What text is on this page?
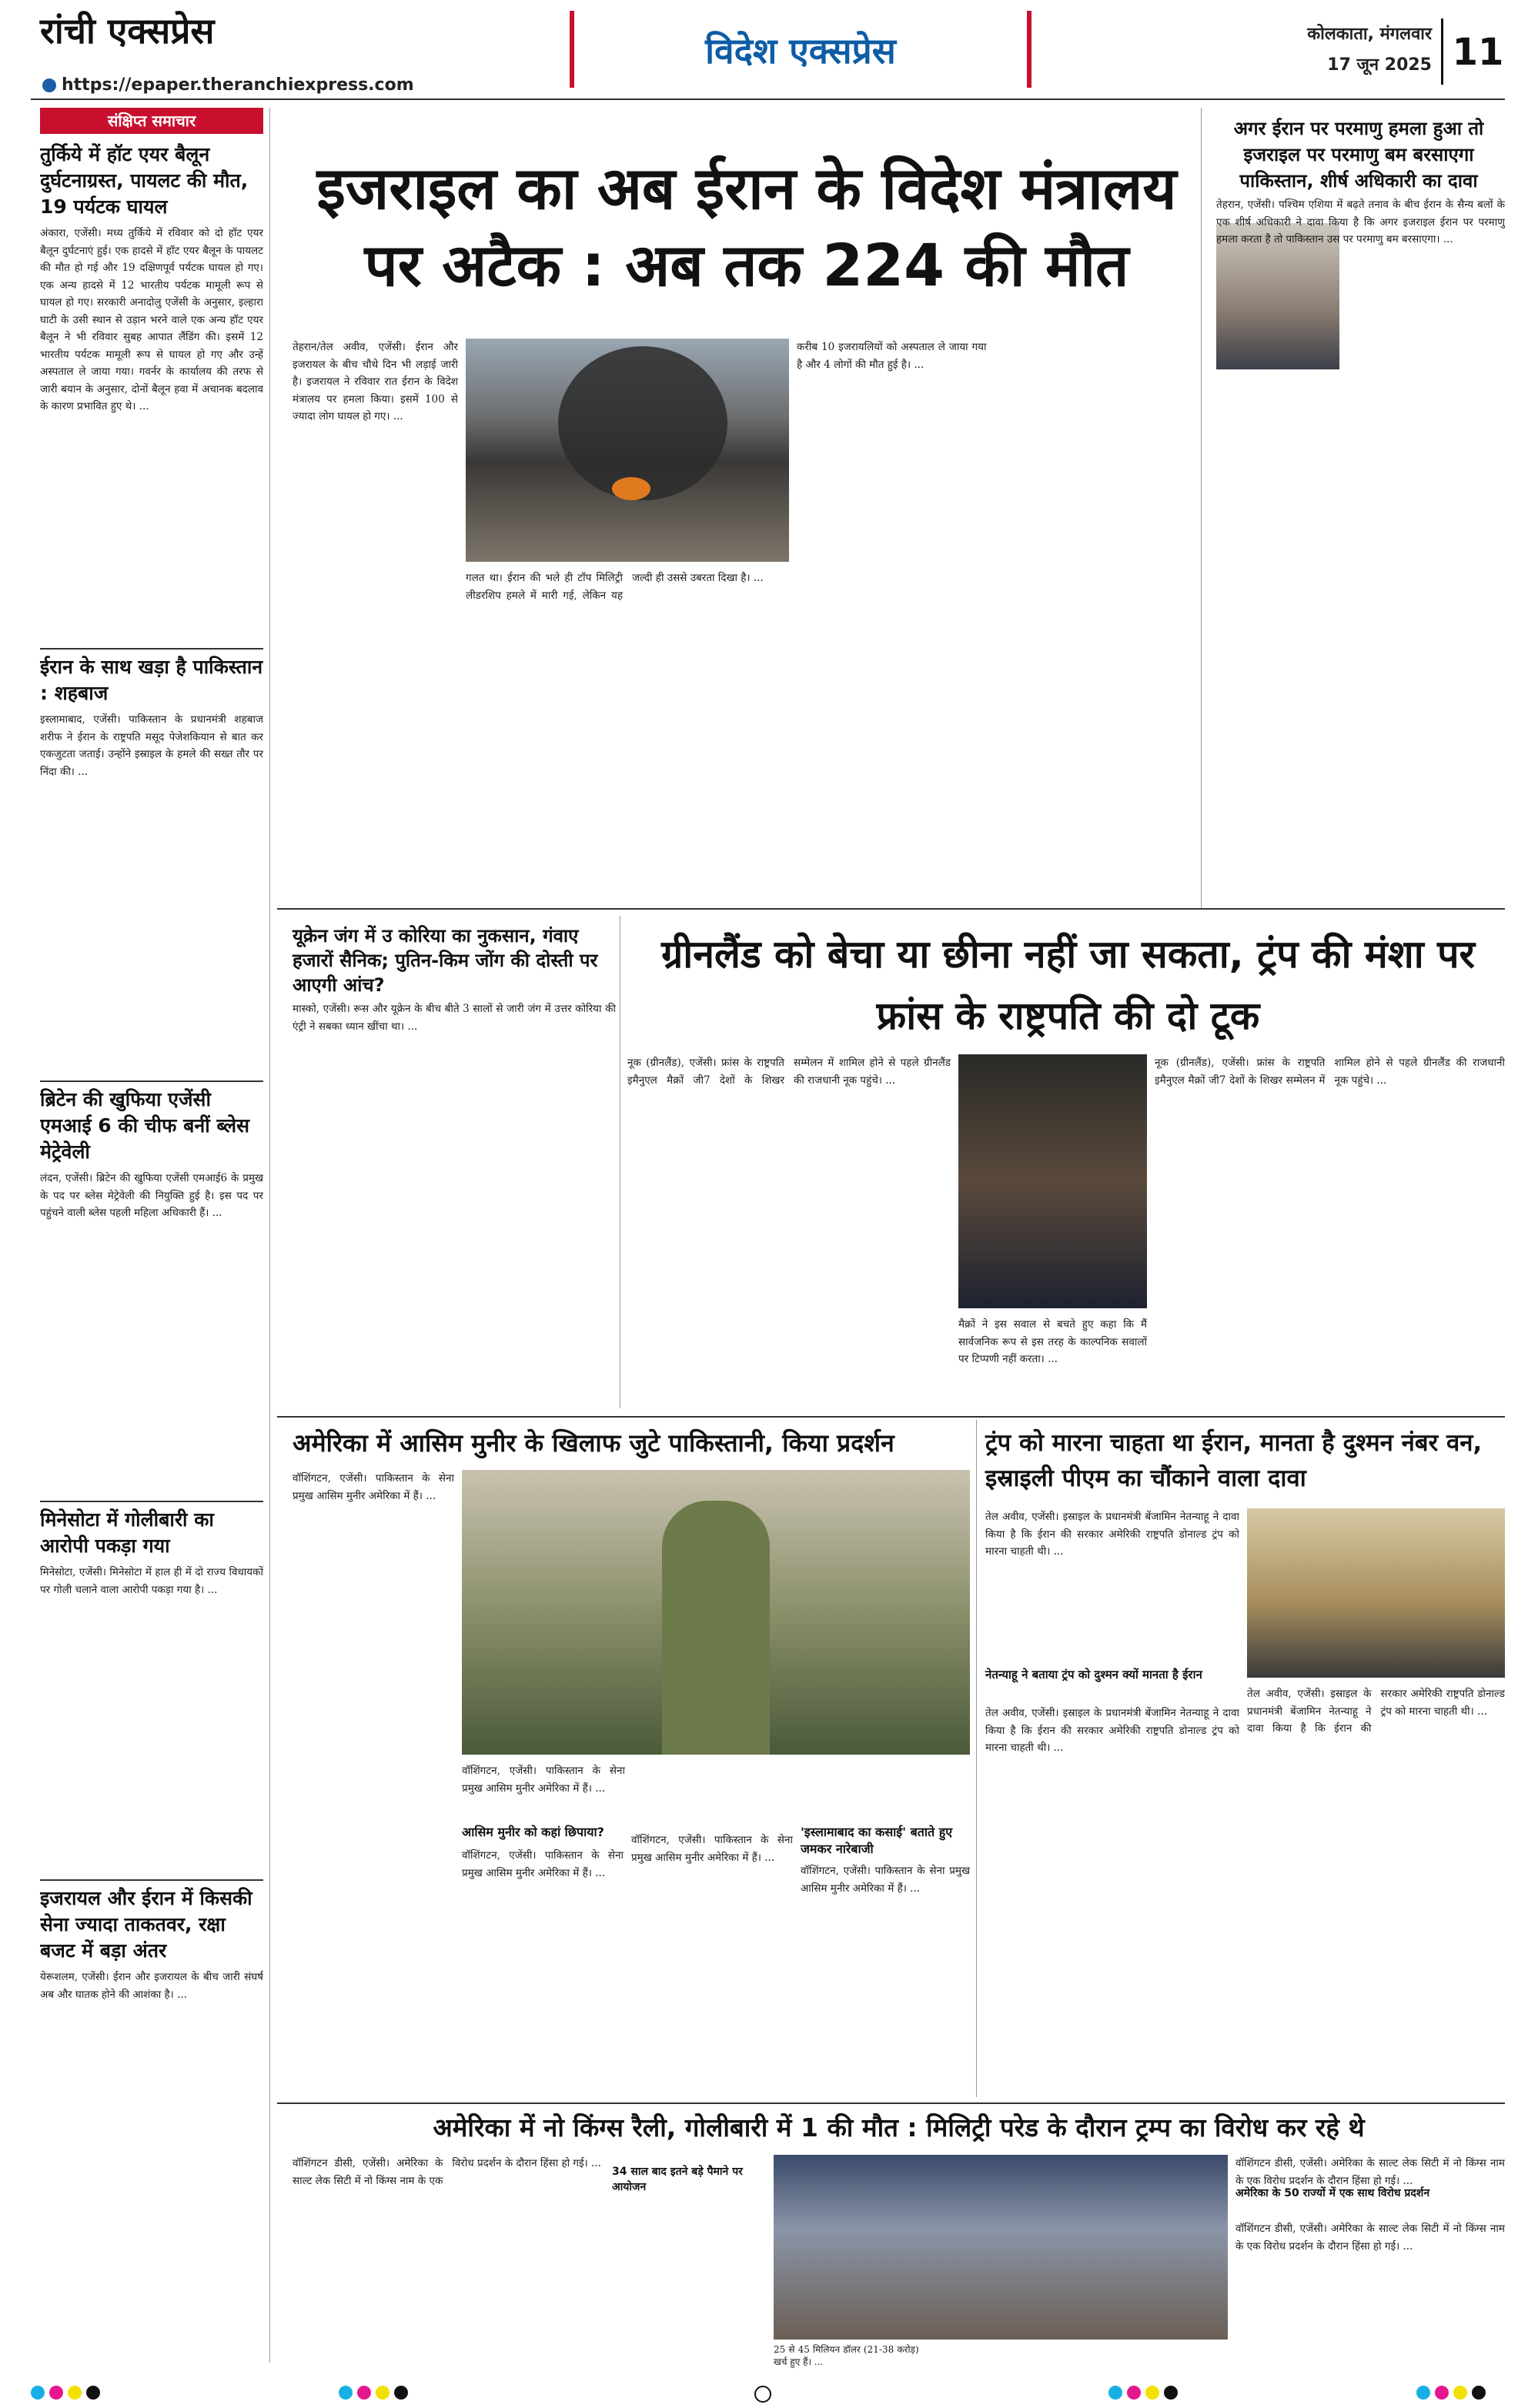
रांची एक्सप्रेस
https://epaper.theranchiexpress.com
विदेश एक्सप्रेस	कोलकाता, मंगलवार
17 जून 2025 11
संक्षिप्त समाचार
तुर्किये में हॉट एयर बैलून दुर्घटनाग्रस्त, पायलट की मौत, 19 पर्यटक घायल
अंकारा, एजेंसी। मध्य तुर्किये में रविवार को दो हॉट एयर बैलून दुर्घटनाएं हुई। एक हादसे में हॉट एयर बैलून के पायलट की मौत हो गई और 19 दक्षिणपूर्व पर्यटक घायल हो गए। एक अन्य हादसे में 12 भारतीय पर्यटक मामूली रूप से घायल हो गए। सरकारी अनादोलु एजेंसी के अनुसार, इल्हारा घाटी के उसी स्थान से उड़ान भरने वाले एक अन्य हॉट एयर बैलून ने भी रविवार सुबह आपात लैंडिंग की। इसमें 12 भारतीय पर्यटक मामूली रूप से घायल हो गए और उन्हें अस्पताल ले जाया गया। गवर्नर के कार्यालय की तरफ से जारी बयान के अनुसार, दोनों बैलून हवा में अचानक बदलाव के कारण प्रभावित हुए थे। ...
ईरान के साथ खड़ा है पाकिस्तान : शहबाज
इस्लामाबाद, एजेंसी। पाकिस्तान के प्रधानमंत्री शहबाज शरीफ ने ईरान के राष्ट्रपति मसूद पेजेशकियान से बात कर एकजुटता जताई। उन्होंने इस्राइल के हमले की सख्त तौर पर निंदा की। ...
ब्रिटेन की खुफिया एजेंसी एमआई 6 की चीफ बनीं ब्लेस मेट्रेवेली
लंदन, एजेंसी। ब्रिटेन की खुफिया एजेंसी एमआई6 के प्रमुख के पद पर ब्लेस मेट्रेवेली की नियुक्ति हुई है। इस पद पर पहुंचने वाली ब्लेस पहली महिला अधिकारी हैं। ...
मिनेसोटा में गोलीबारी का आरोपी पकड़ा गया
मिनेसोटा, एजेंसी। मिनेसोटा में हाल ही में दो राज्य विधायकों पर गोली चलाने वाला आरोपी पकड़ा गया है। ...
इजरायल और ईरान में किसकी सेना ज्यादा ताकतवर, रक्षा बजट में बड़ा अंतर
येरूशलम, एजेंसी। ईरान और इजरायल के बीच जारी संघर्ष अब और घातक होने की आशंका है। ...
इजराइल का अब ईरान के विदेश मंत्रालय पर अटैक : अब तक 224 की मौत
तेहरान/तेल अवीव, एजेंसी। ईरान और इजरायल के बीच चौथे दिन भी लड़ाई जारी है। इजरायल ने रविवार रात ईरान के विदेश मंत्रालय पर हमला किया। इसमें 100 से ज्यादा लोग घायल हो गए। ...
गलत था। ईरान की भले ही टॉप मिलिट्री लीडरशिप हमले में मारी गई, लेकिन यह जल्दी ही उससे उबरता दिखा है। ...
करीब 10 इजरायलियों को अस्पताल ले जाया गया है और 4 लोगों की मौत हुई है। ...
अगर ईरान पर परमाणु हमला हुआ तो इजराइल पर परमाणु बम बरसाएगा पाकिस्तान, शीर्ष अधिकारी का दावा
तेहरान, एजेंसी। पश्चिम एशिया में बढ़ते तनाव के बीच ईरान के सैन्य बलों के एक शीर्ष अधिकारी ने दावा किया है कि अगर इजराइल ईरान पर परमाणु हमला करता है तो पाकिस्तान उस पर परमाणु बम बरसाएगा। ...
यूक्रेन जंग में उ कोरिया का नुकसान, गंवाए हजारों सैनिक; पुतिन-किम जोंग की दोस्ती पर आएगी आंच?
मास्को, एजेंसी। रूस और यूक्रेन के बीच बीते 3 सालों से जारी जंग में उत्तर कोरिया की एंट्री ने सबका ध्यान खींचा था। ...
ग्रीनलैंड को बेचा या छीना नहीं जा सकता, ट्रंप की मंशा पर फ्रांस के राष्ट्रपति की दो टूक
नूक (ग्रीनलैंड), एजेंसी। फ्रांस के राष्ट्रपति इमैनुएल मैक्रों जी7 देशों के शिखर सम्मेलन में शामिल होने से पहले ग्रीनलैंड की राजधानी नूक पहुंचे। ...
मैक्रों ने इस सवाल से बचते हुए कहा कि मैं सार्वजनिक रूप से इस तरह के काल्पनिक सवालों पर टिप्पणी नहीं करता। ...
नूक (ग्रीनलैंड), एजेंसी। फ्रांस के राष्ट्रपति इमैनुएल मैक्रों जी7 देशों के शिखर सम्मेलन में शामिल होने से पहले ग्रीनलैंड की राजधानी नूक पहुंचे। ...
अमेरिका में आसिम मुनीर के खिलाफ जुटे पाकिस्तानी, किया प्रदर्शन
वॉशिंगटन, एजेंसी। पाकिस्तान के सेना प्रमुख आसिम मुनीर अमेरिका में हैं। ...
वॉशिंगटन, एजेंसी। पाकिस्तान के सेना प्रमुख आसिम मुनीर अमेरिका में हैं। ...
आसिम मुनीर को कहां छिपाया?
वॉशिंगटन, एजेंसी। पाकिस्तान के सेना प्रमुख आसिम मुनीर अमेरिका में हैं। ...
वॉशिंगटन, एजेंसी। पाकिस्तान के सेना प्रमुख आसिम मुनीर अमेरिका में हैं। ...
'इस्लामाबाद का कसाई' बताते हुए जमकर नारेबाजी
वॉशिंगटन, एजेंसी। पाकिस्तान के सेना प्रमुख आसिम मुनीर अमेरिका में हैं। ...
ट्रंप को मारना चाहता था ईरान, मानता है दुश्मन नंबर वन, इस्राइली पीएम का चौंकाने वाला दावा
तेल अवीव, एजेंसी। इस्राइल के प्रधानमंत्री बेंजामिन नेतन्याहू ने दावा किया है कि ईरान की सरकार अमेरिकी राष्ट्रपति डोनाल्ड ट्रंप को मारना चाहती थी। ...
नेतन्याहू ने बताया ट्रंप को दुश्मन क्यों मानता है ईरान
तेल अवीव, एजेंसी। इस्राइल के प्रधानमंत्री बेंजामिन नेतन्याहू ने दावा किया है कि ईरान की सरकार अमेरिकी राष्ट्रपति डोनाल्ड ट्रंप को मारना चाहती थी। ...
तेल अवीव, एजेंसी। इस्राइल के प्रधानमंत्री बेंजामिन नेतन्याहू ने दावा किया है कि ईरान की सरकार अमेरिकी राष्ट्रपति डोनाल्ड ट्रंप को मारना चाहती थी। ...
अमेरिका में नो किंग्स रैली, गोलीबारी में 1 की मौत : मिलिट्री परेड के दौरान ट्रम्प का विरोध कर रहे थे
वॉशिंगटन डीसी, एजेंसी। अमेरिका के साल्ट लेक सिटी में नो किंग्स नाम के एक विरोध प्रदर्शन के दौरान हिंसा हो गई। ...
34 साल बाद इतने बड़े पैमाने पर आयोजन
25 से 45 मिलियन डॉलर (21-38 करोड़) खर्च हुए हैं। ...
वॉशिंगटन डीसी, एजेंसी। अमेरिका के साल्ट लेक सिटी में नो किंग्स नाम के एक विरोध प्रदर्शन के दौरान हिंसा हो गई। ...
अमेरिका के 50 राज्यों में एक साथ विरोध प्रदर्शन
वॉशिंगटन डीसी, एजेंसी। अमेरिका के साल्ट लेक सिटी में नो किंग्स नाम के एक विरोध प्रदर्शन के दौरान हिंसा हो गई। ...
